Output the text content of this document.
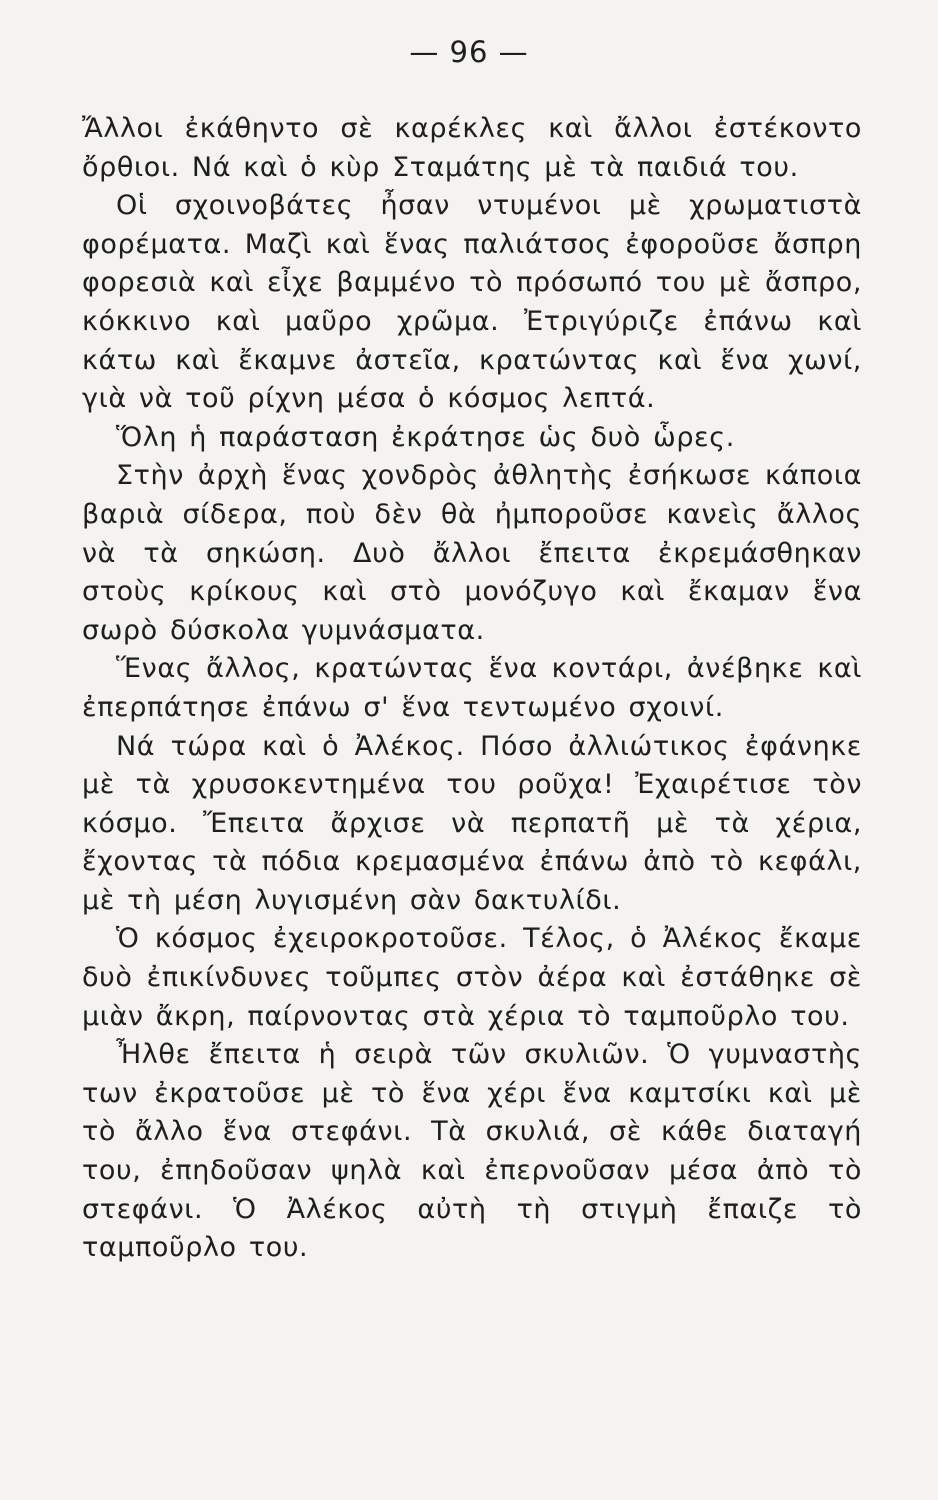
— 96 —

Ἄλλοι ἐκάθηντο σὲ καρέκλες καὶ ἄλλοι ἐστέκοντο ὄρθιοι. Νά καὶ ὁ κὺρ Σταμάτης μὲ τὰ παιδιά του.

Οἱ σχοινοβάτες ἦσαν ντυμένοι μὲ χρωματιστὰ φορέματα. Μαζὶ καὶ ἕνας παλιάτσος ἐφοροῦσε ἄσπρη φορεσιὰ καὶ εἶχε βαμμένο τὸ πρόσωπό του μὲ ἄσπρο, κόκκινο καὶ μαῦρο χρῶμα. Ἐτριγύριζε ἐπάνω καὶ κάτω καὶ ἔκαμνε ἀστεῖα, κρατώντας καὶ ἕνα χωνί, γιὰ νὰ τοῦ ρίχνη μέσα ὁ κόσμος λεπτά.

Ὅλη ἡ παράσταση ἐκράτησε ὡς δυὸ ὧρες.

Στὴν ἀρχὴ ἕνας χονδρὸς ἀθλητὴς ἐσήκωσε κάποια βαριὰ σίδερα, ποὺ δὲν θὰ ἠμποροῦσε κανεὶς ἄλλος νὰ τὰ σηκώση. Δυὸ ἄλλοι ἔπειτα ἐκρεμάσθηκαν στοὺς κρίκους καὶ στὸ μονόζυγο καὶ ἔκαμαν ἕνα σωρὸ δύσκολα γυμνάσματα.

Ἕνας ἄλλος, κρατώντας ἕνα κοντάρι, ἀνέβηκε καὶ ἐπερπάτησε ἐπάνω σ' ἕνα τεντωμένο σχοινί.

Νά τώρα καὶ ὁ Ἀλέκος. Πόσο ἀλλιώτικος ἐφάνηκε μὲ τὰ χρυσοκεντημένα του ροῦχα! Ἐχαιρέτισε τὸν κόσμο. Ἔπειτα ἄρχισε νὰ περπατῆ μὲ τὰ χέρια, ἔχοντας τὰ πόδια κρεμασμένα ἐπάνω ἀπὸ τὸ κεφάλι, μὲ τὴ μέση λυγισμένη σὰν δακτυλίδι.

Ὁ κόσμος ἐχειροκροτοῦσε. Τέλος, ὁ Ἀλέκος ἔκαμε δυὸ ἐπικίνδυνες τοῦμπες στὸν ἀέρα καὶ ἐστάθηκε σὲ μιὰν ἄκρη, παίρνοντας στὰ χέρια τὸ ταμποῦρλο του.

Ἦλθε ἔπειτα ἡ σειρὰ τῶν σκυλιῶν. Ὁ γυμναστὴς των ἐκρατοῦσε μὲ τὸ ἕνα χέρι ἕνα καμτσίκι καὶ μὲ τὸ ἄλλο ἕνα στεφάνι. Τὰ σκυλιά, σὲ κάθε διαταγή του, ἐπηδοῦσαν ψηλὰ καὶ ἐπερνοῦσαν μέσα ἀπὸ τὸ στεφάνι. Ὁ Ἀλέκος αὐτὴ τὴ στιγμὴ ἔπαιζε τὸ ταμποῦρλο του.
